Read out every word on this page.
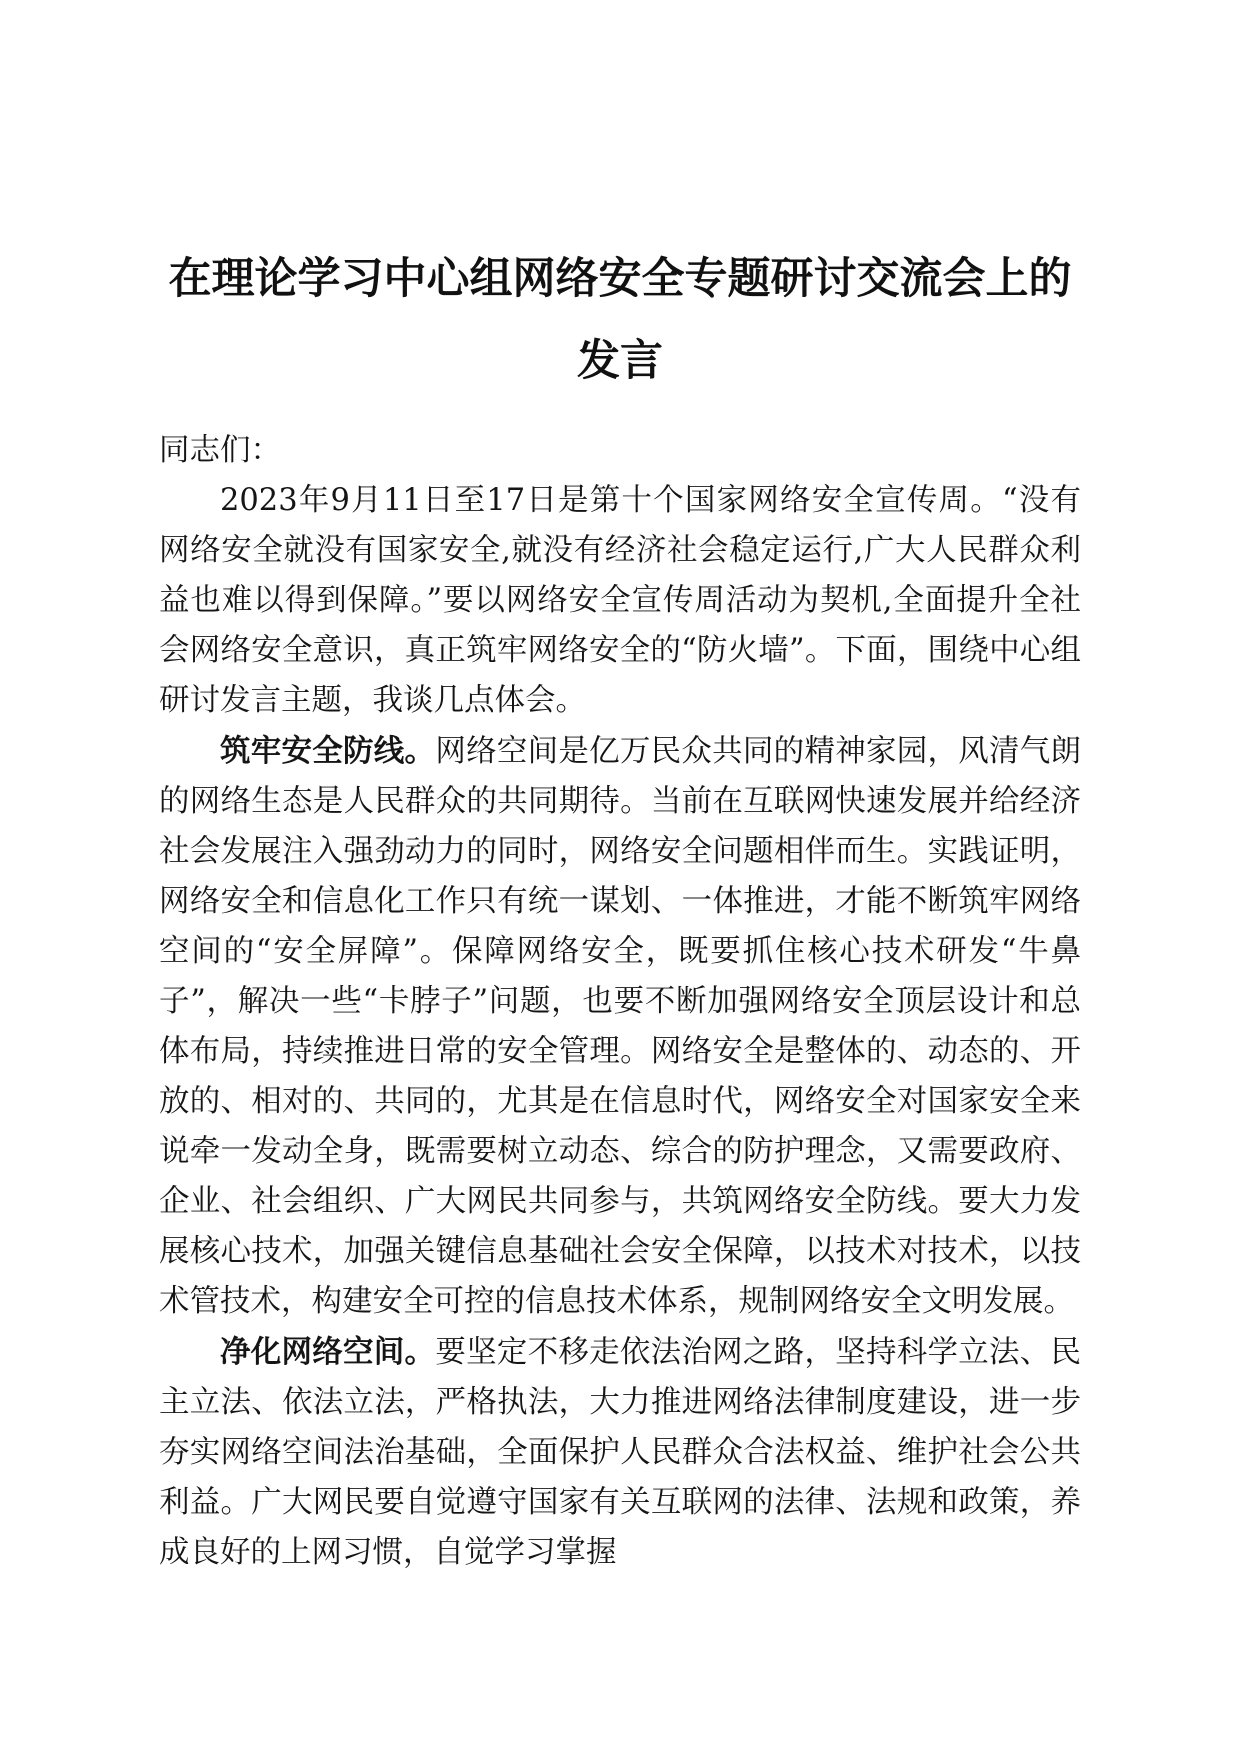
在理论学习中心组网络安全专题研讨交流会上的发言

同志们：

2023年9月11日至17日是第十个国家网络安全宣传周。“没有网络安全就没有国家安全,就没有经济社会稳定运行,广大人民群众利益也难以得到保障。”要以网络安全宣传周活动为契机,全面提升全社会网络安全意识，真正筑牢网络安全的“防火墙”。下面，围绕中心组研讨发言主题，我谈几点体会。

筑牢安全防线。网络空间是亿万民众共同的精神家园，风清气朗的网络生态是人民群众的共同期待。当前在互联网快速发展并给经济社会发展注入强劲动力的同时，网络安全问题相伴而生。实践证明，网络安全和信息化工作只有统一谋划、一体推进，才能不断筑牢网络空间的“安全屏障”。保障网络安全，既要抓住核心技术研发“牛鼻子”，解决一些“卡脖子”问题，也要不断加强网络安全顶层设计和总体布局，持续推进日常的安全管理。网络安全是整体的、动态的、开放的、相对的、共同的，尤其是在信息时代，网络安全对国家安全来说牵一发动全身，既需要树立动态、综合的防护理念，又需要政府、企业、社会组织、广大网民共同参与，共筑网络安全防线。要大力发展核心技术，加强关键信息基础社会安全保障，以技术对技术，以技术管技术，构建安全可控的信息技术体系，规制网络安全文明发展。

净化网络空间。要坚定不移走依法治网之路，坚持科学立法、民主立法、依法立法，严格执法，大力推进网络法律制度建设，进一步夯实网络空间法治基础，全面保护人民群众合法权益、维护社会公共利益。广大网民要自觉遵守国家有关互联网的法律、法规和政策，养成良好的上网习惯，自觉学习掌握
